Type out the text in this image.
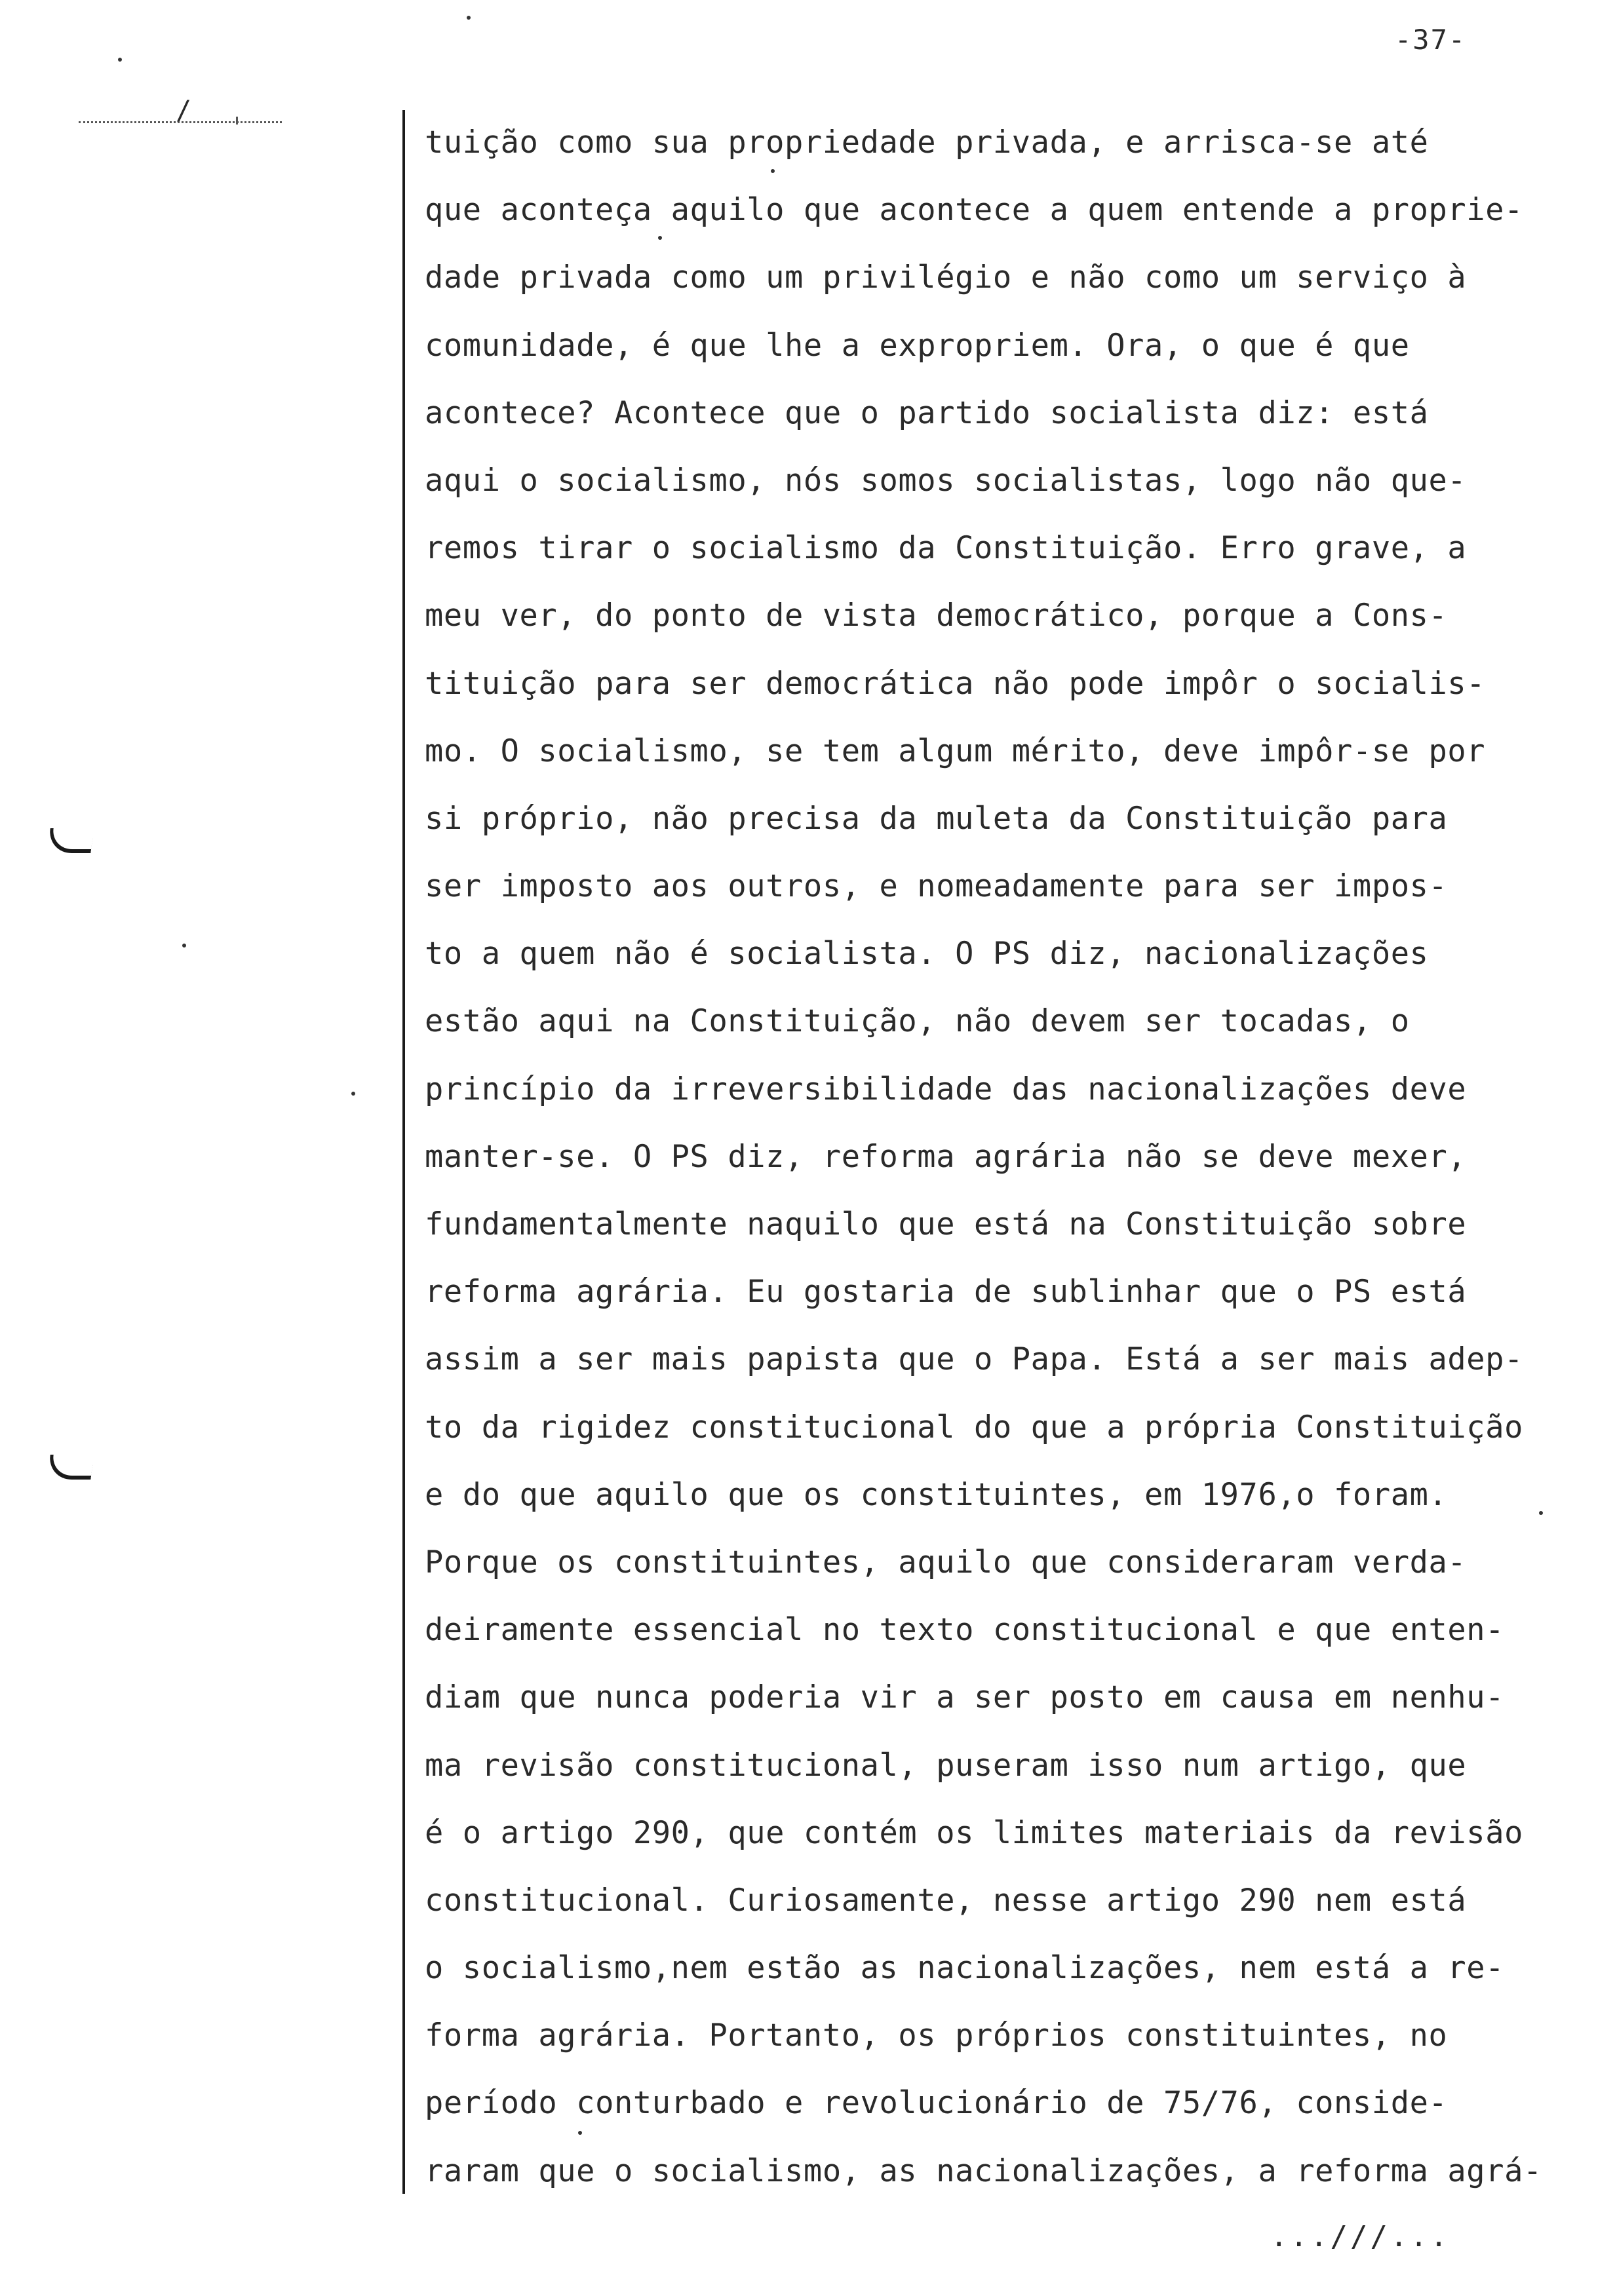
-37-
/
tuição como sua propriedade privada, e arrisca-se até
que aconteça aquilo que acontece a quem entende a proprie-
dade privada como um privilégio e não como um serviço à
comunidade, é que lhe a expropriem. Ora, o que é que
acontece? Acontece que o partido socialista diz: está
aqui o socialismo, nós somos socialistas, logo não que-
remos tirar o socialismo da Constituição. Erro grave, a
meu ver, do ponto de vista democrático, porque a Cons-
tituição para ser democrática não pode impôr o socialis-
mo. O socialismo, se tem algum mérito, deve impôr-se por
si próprio, não precisa da muleta da Constituição para
ser imposto aos outros, e nomeadamente para ser impos-
to a quem não é socialista. O PS diz, nacionalizações
estão aqui na Constituição, não devem ser tocadas, o
princípio da irreversibilidade das nacionalizações deve
manter-se. O PS diz, reforma agrária não se deve mexer,
fundamentalmente naquilo que está na Constituição sobre
reforma agrária. Eu gostaria de sublinhar que o PS está
assim a ser mais papista que o Papa. Está a ser mais adep-
to da rigidez constitucional do que a própria Constituição
e do que aquilo que os constituintes, em 1976,o foram.
Porque os constituintes, aquilo que consideraram verda-
deiramente essencial no texto constitucional e que enten-
diam que nunca poderia vir a ser posto em causa em nenhu-
ma revisão constitucional, puseram isso num artigo, que
é o artigo 290, que contém os limites materiais da revisão
constitucional. Curiosamente, nesse artigo 290 nem está
o socialismo,nem estão as nacionalizações, nem está a re-
forma agrária. Portanto, os próprios constituintes, no
período conturbado e revolucionário de 75/76, conside-
raram que o socialismo, as nacionalizações, a reforma agrá-
...///...
